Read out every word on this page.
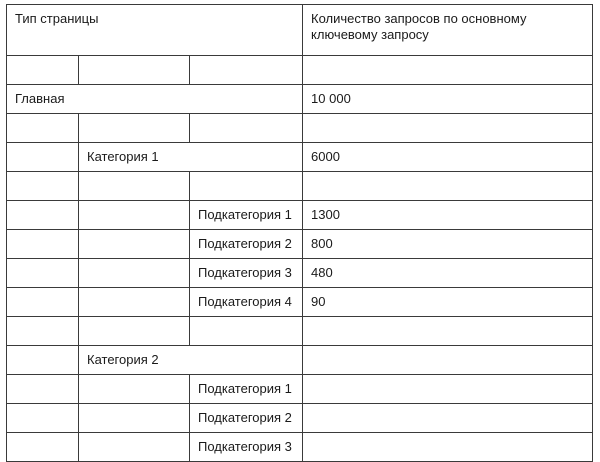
Тип страницы			Количество запросов по основному ключевому запросу

Главная			10 000

	Категория 1		6000

		Подкатегория 1	1300
		Подкатегория 2	800
		Подкатегория 3	480
		Подкатегория 4	90

	Категория 2		
		Подкатегория 1	
		Подкатегория 2	
		Подкатегория 3	
